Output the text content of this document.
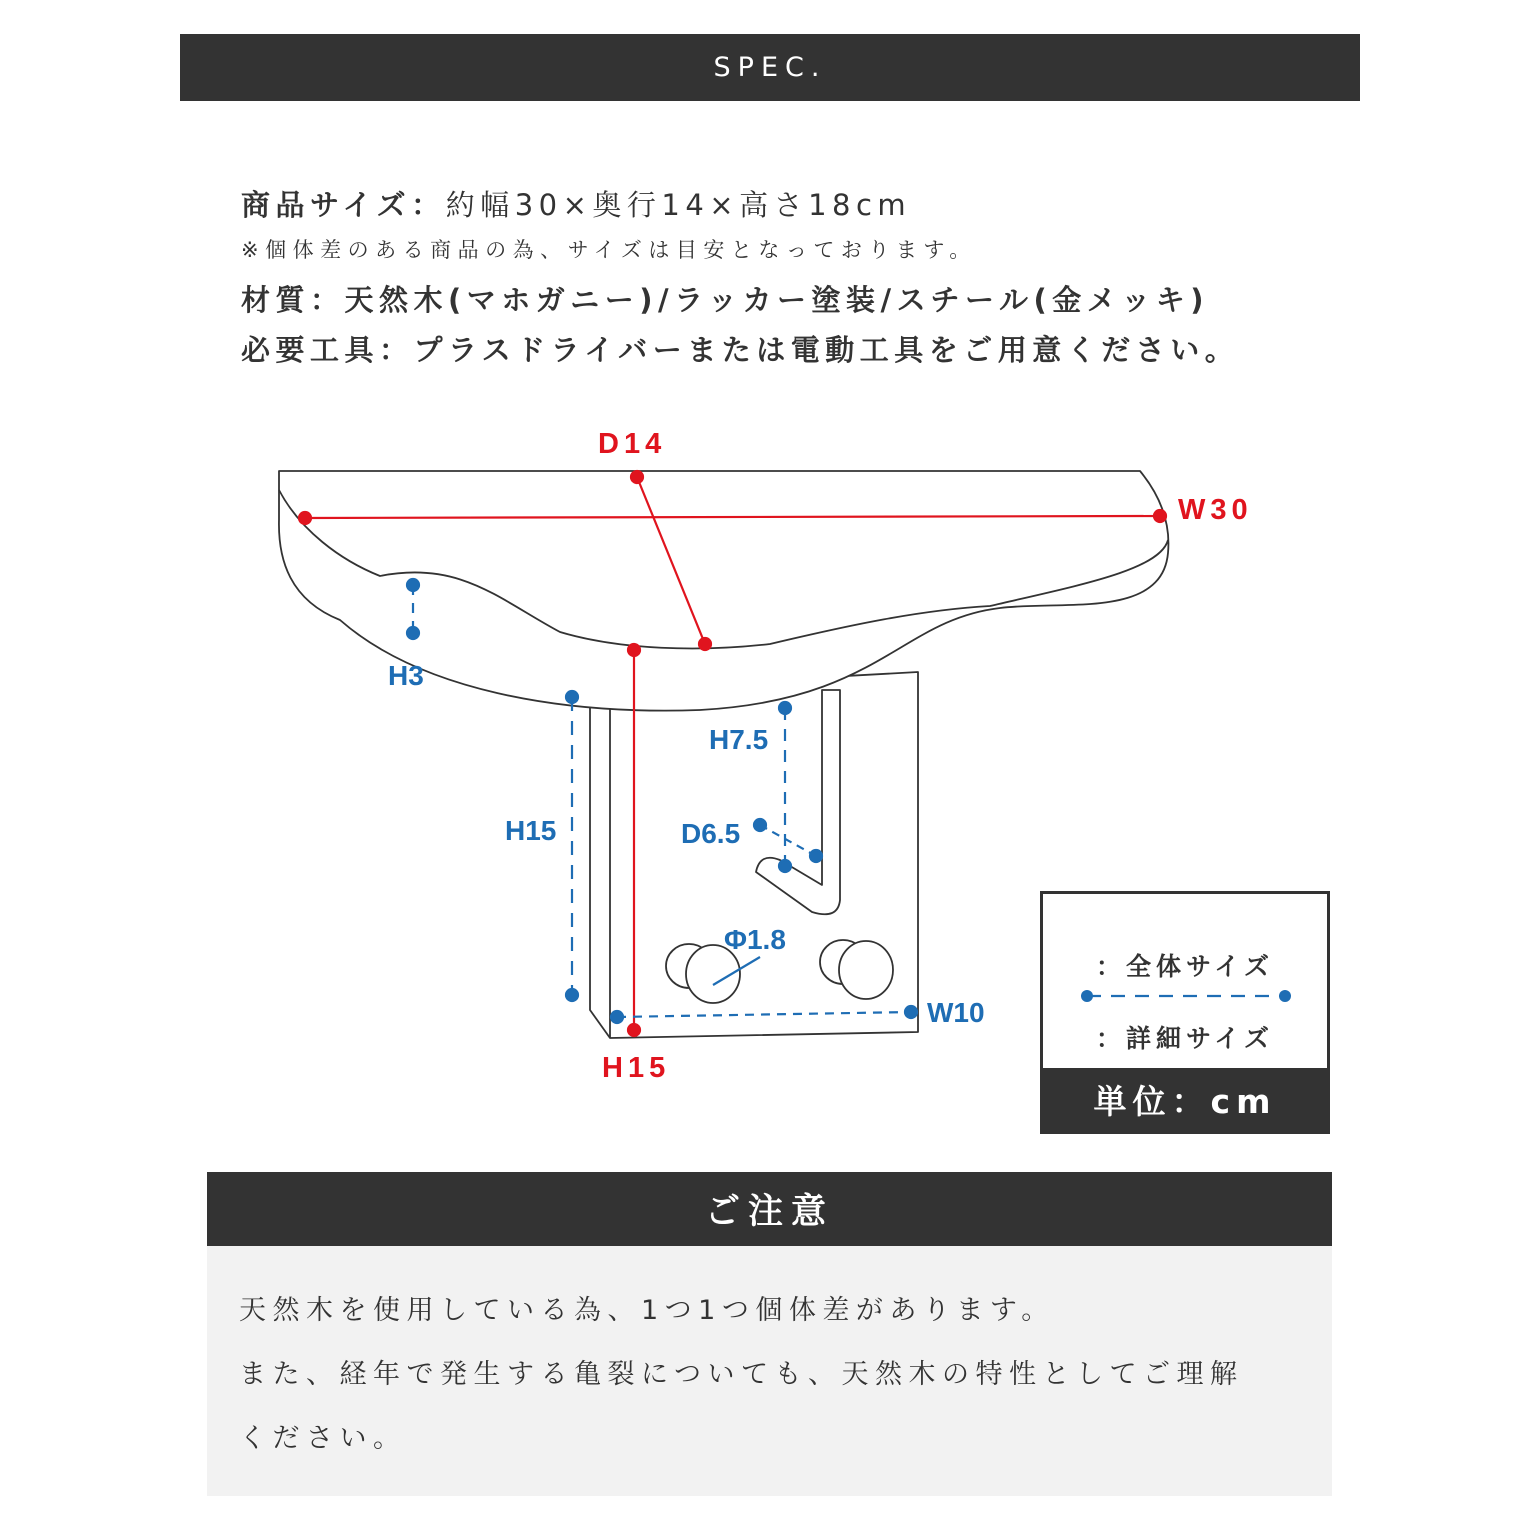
SPEC.
商品サイズ：約幅30×奥行14×高さ18cm
※個体差のある商品の為、サイズは目安となっております。
材質：天然木(マホガニー)/ラッカー塗装/スチール(金メッキ)
必要工具：プラスドライバーまたは電動工具をご用意ください。
D14
W30
H15
H3
H15
H7.5
D6.5
Φ1.8
W10
：全体サイズ
：詳細サイズ
単位：cm
ご注意
天然木を使用している為、1つ1つ個体差があります。
また、経年で発生する亀裂についても、天然木の特性としてご理解
ください。
